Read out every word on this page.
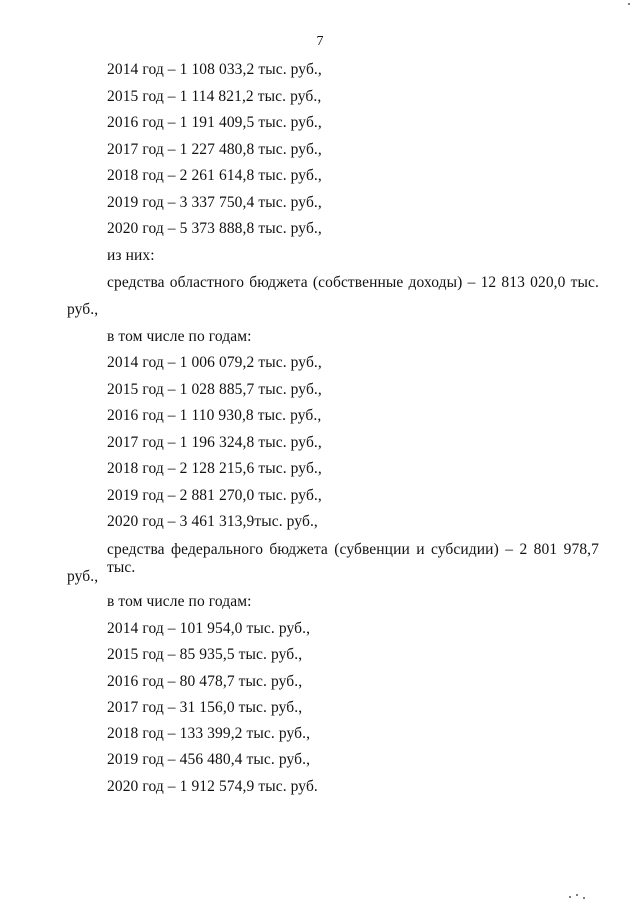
7
2014 год – 1 108 033,2 тыс. руб.,
2015 год – 1 114 821,2 тыс. руб.,
2016 год – 1 191 409,5 тыс. руб.,
2017 год – 1 227 480,8 тыс. руб.,
2018 год – 2 261 614,8 тыс. руб.,
2019 год – 3 337 750,4 тыс. руб.,
2020 год – 5 373 888,8 тыс. руб.,
из них:
средства областного бюджета (собственные доходы) – 12 813 020,0 тыс.
руб.,
в том числе по годам:
2014 год – 1 006 079,2 тыс. руб.,
2015 год – 1 028 885,7 тыс. руб.,
2016 год – 1 110 930,8 тыс. руб.,
2017 год – 1 196 324,8 тыс. руб.,
2018 год – 2 128 215,6 тыс. руб.,
2019 год – 2 881 270,0 тыс. руб.,
2020 год – 3 461 313,9тыс. руб.,
средства федерального бюджета (субвенции и субсидии) – 2 801 978,7 тыс.
руб.,
в том числе по годам:
2014 год – 101 954,0 тыс. руб.,
2015 год – 85 935,5 тыс. руб.,
2016 год – 80 478,7 тыс. руб.,
2017 год – 31 156,0 тыс. руб.,
2018 год – 133 399,2 тыс. руб.,
2019 год – 456 480,4 тыс. руб.,
2020 год – 1 912 574,9 тыс. руб.
